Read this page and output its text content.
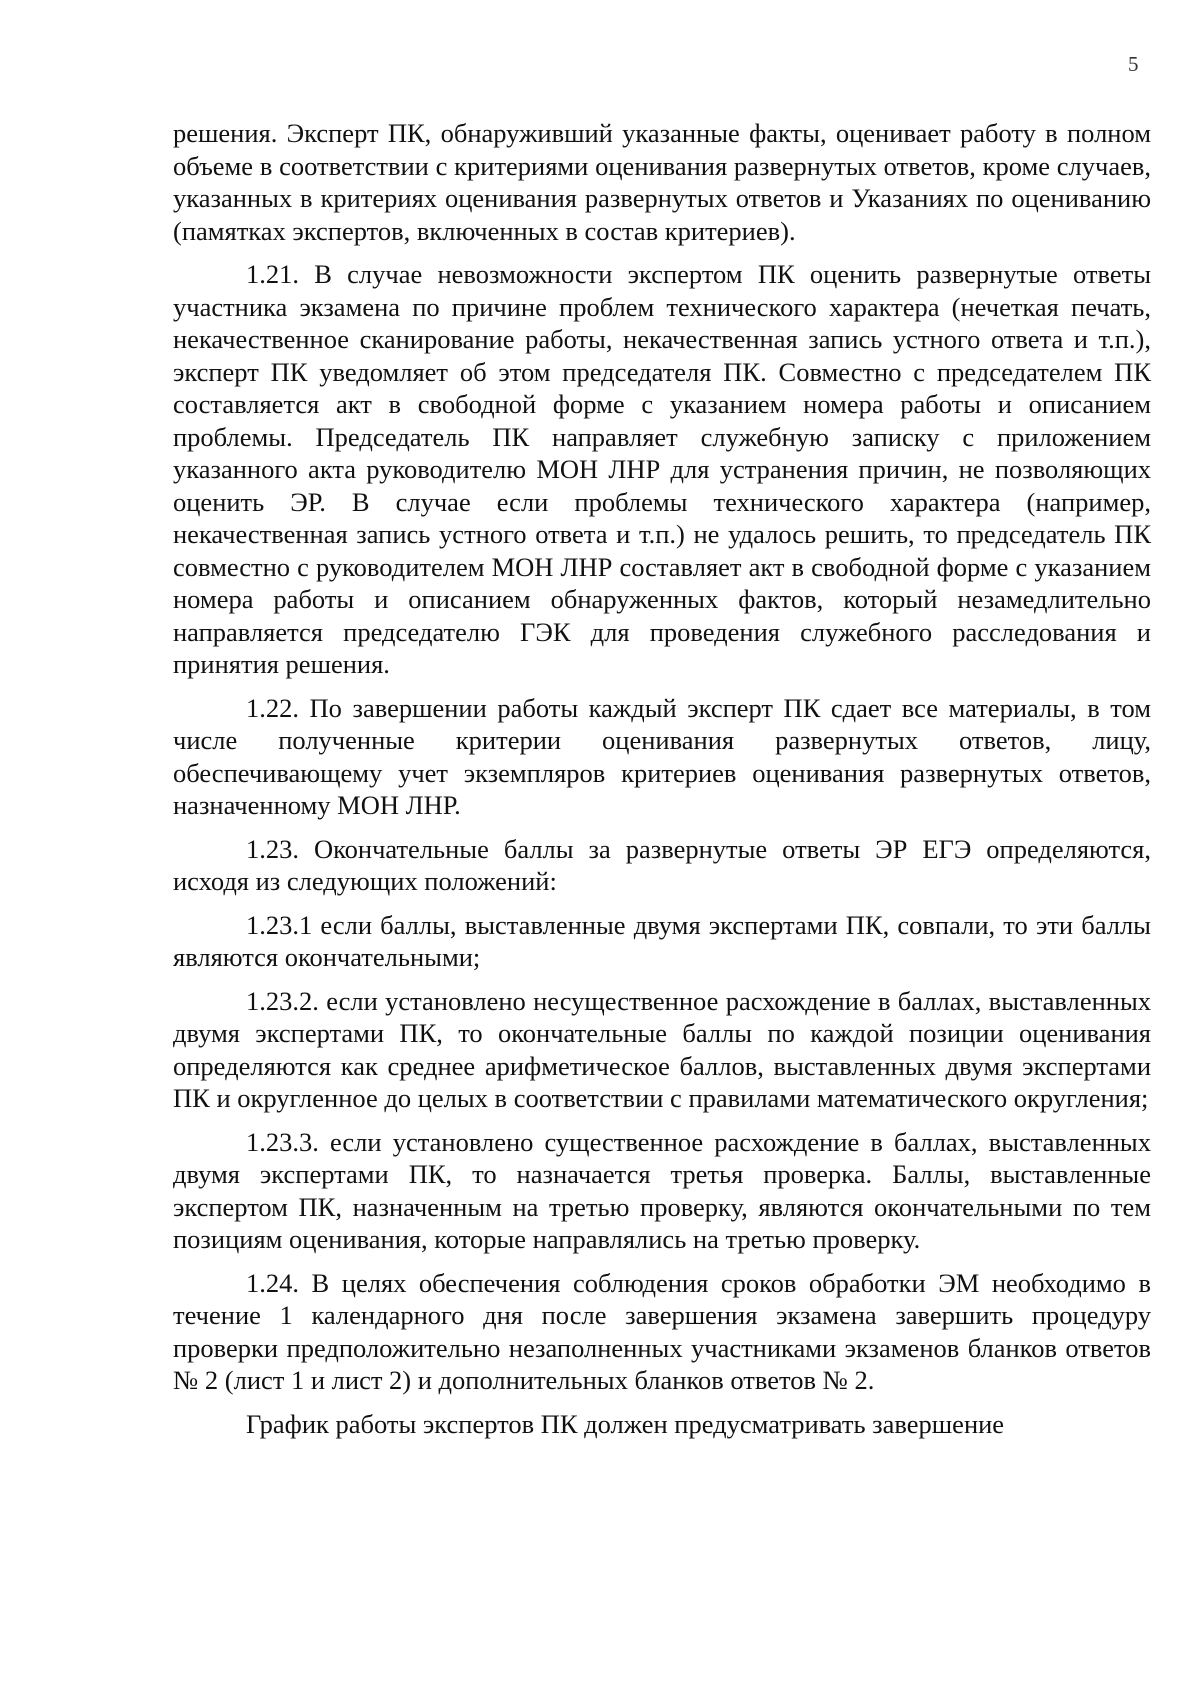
5

решения. Эксперт ПК, обнаруживший указанные факты, оценивает работу в полном объеме в соответствии с критериями оценивания развернутых ответов, кроме случаев, указанных в критериях оценивания развернутых ответов и Указаниях по оцениванию (памятках экспертов, включенных в состав критериев).

1.21. В случае невозможности экспертом ПК оценить развернутые ответы участника экзамена по причине проблем технического характера (нечеткая печать, некачественное сканирование работы, некачественная запись устного ответа и т.п.), эксперт ПК уведомляет об этом председателя ПК. Совместно с председателем ПК составляется акт в свободной форме с указанием номера работы и описанием проблемы. Председатель ПК направляет служебную записку с приложением указанного акта руководителю МОН ЛНР для устранения причин, не позволяющих оценить ЭР. В случае если проблемы технического характера (например, некачественная запись устного ответа и т.п.) не удалось решить, то председатель ПК совместно с руководителем МОН ЛНР составляет акт в свободной форме с указанием номера работы и описанием обнаруженных фактов, который незамедлительно направляется председателю ГЭК для проведения служебного расследования и принятия решения.

1.22. По завершении работы каждый эксперт ПК сдает все материалы, в том числе полученные критерии оценивания развернутых ответов, лицу, обеспечивающему учет экземпляров критериев оценивания развернутых ответов, назначенному МОН ЛНР.

1.23. Окончательные баллы за развернутые ответы ЭР ЕГЭ определяются, исходя из следующих положений:

1.23.1 если баллы, выставленные двумя экспертами ПК, совпали, то эти баллы являются окончательными;

1.23.2. если установлено несущественное расхождение в баллах, выставленных двумя экспертами ПК, то окончательные баллы по каждой позиции оценивания определяются как среднее арифметическое баллов, выставленных двумя экспертами ПК и округленное до целых в соответствии с правилами математического округления;

1.23.3. если установлено существенное расхождение в баллах, выставленных двумя экспертами ПК, то назначается третья проверка. Баллы, выставленные экспертом ПК, назначенным на третью проверку, являются окончательными по тем позициям оценивания, которые направлялись на третью проверку.

1.24. В целях обеспечения соблюдения сроков обработки ЭМ необходимо в течение 1 календарного дня после завершения экзамена завершить процедуру проверки предположительно незаполненных участниками экзаменов бланков ответов № 2 (лист 1 и лист 2) и дополнительных бланков ответов № 2.

График работы экспертов ПК должен предусматривать завершение
